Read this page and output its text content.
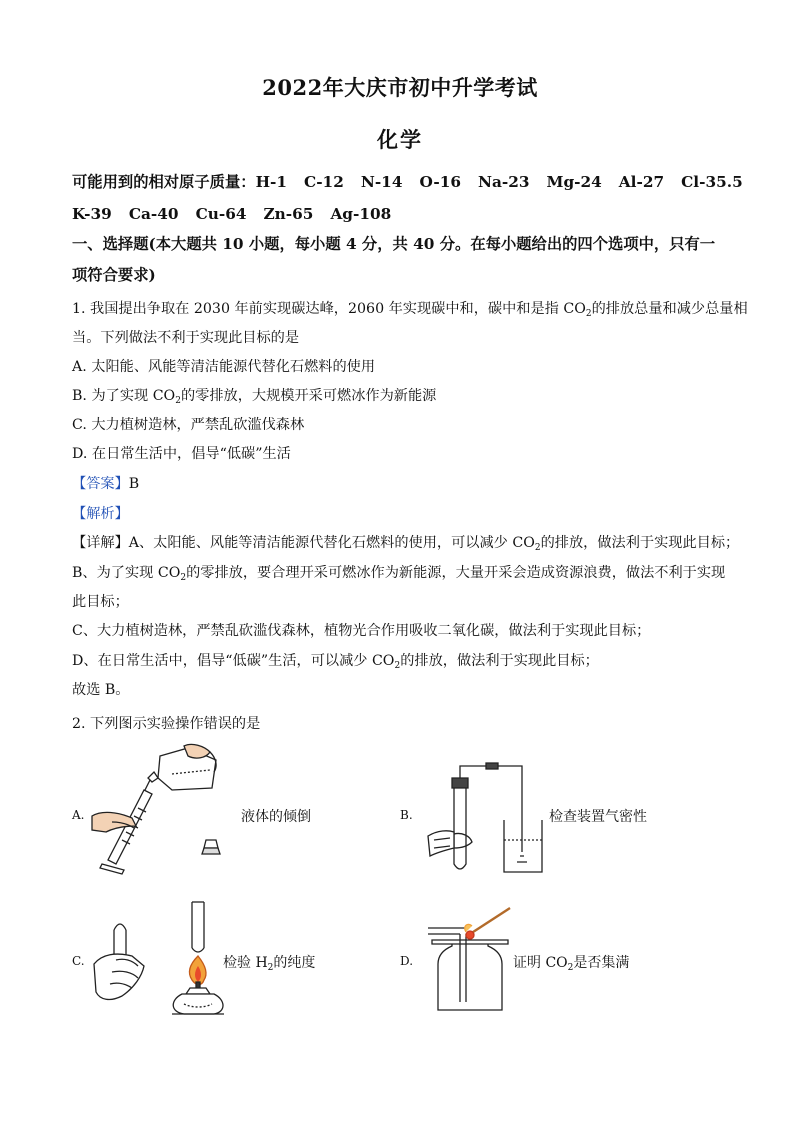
2022年大庆市初中升学考试
化学
可能用到的相对原子质量：H-1 C-12 N-14 O-16 Na-23 Mg-24 Al-27 Cl-35.5
K-39 Ca-40 Cu-64 Zn-65 Ag-108
一、选择题(本大题共 10 小题，每小题 4 分，共 40 分。在每小题给出的四个选项中，只有一
项符合要求)
1. 我国提出争取在 2030 年前实现碳达峰，2060 年实现碳中和，碳中和是指 $CO_2$的排放总量和减少总量相
当。下列做法不利于实现此目标的是
A. 太阳能、风能等清洁能源代替化石燃料的使用
B. 为了实现 $CO_2$的零排放，大规模开采可燃冰作为新能源
C. 大力植树造林，严禁乱砍滥伐森林
D. 在日常生活中，倡导“低碳”生活
【答案】B
【解析】
【详解】A、太阳能、风能等清洁能源代替化石燃料的使用，可以减少 $CO_2$的排放，做法利于实现此目标；
B、为了实现 $CO_2$的零排放，要合理开采可燃冰作为新能源，大量开采会造成资源浪费，做法不利于实现
此目标；
C、大力植树造林，严禁乱砍滥伐森林，植物光合作用吸收二氧化碳，做法利于实现此目标；
D、在日常生活中，倡导“低碳”生活，可以减少 $CO_2$的排放，做法利于实现此目标；
故选 B。
2. 下列图示实验操作错误的是
A.	液体的倾倒	B.	检查装置气密性
C.	检验 $H_2$的纯度	D.	证明 $CO_2$是否集满
